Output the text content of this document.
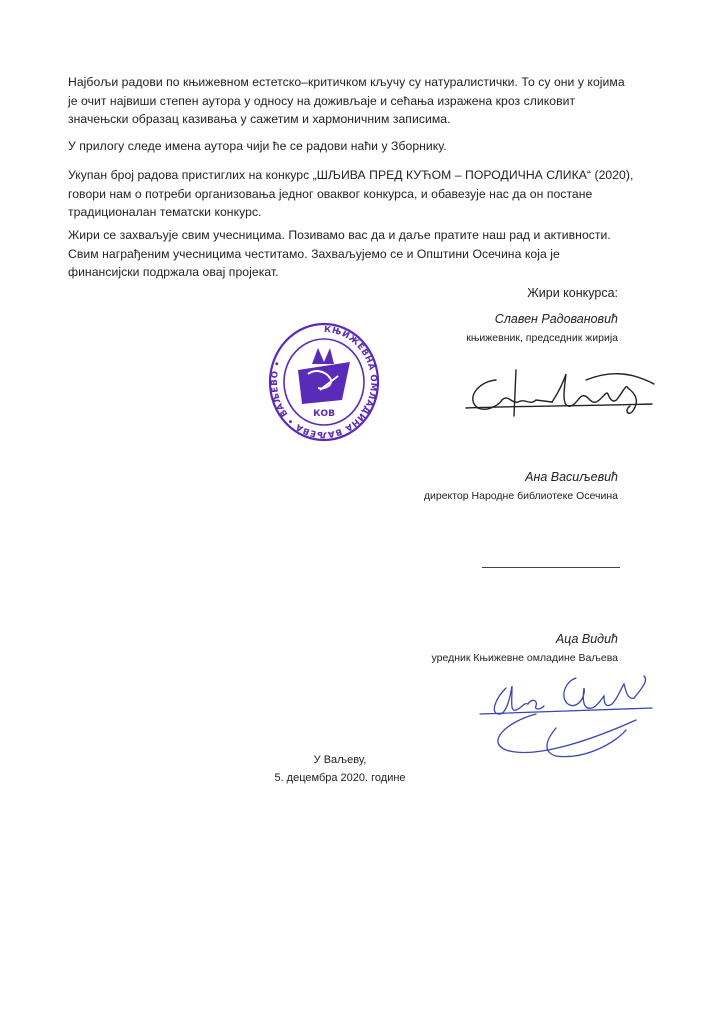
Најбољи радови по књижевном естетско–критичком кључу су натуралистички. То су они у којима је очит највиши степен аутора у односу на доживљаје и сећања изражена кроз сликовит значењски образац казивања у сажетим и хармоничним записима.

У прилогу следе имена аутора чији ће се радови наћи у Зборнику.

Укупан број радова пристиглих на конкурс „ШЉИВА ПРЕД КУЋОМ – ПОРОДИЧНА СЛИКА“ (2020), говори нам о потреби организовања једног оваквог конкурса, и обавезује нас да он постане традиционалан тематски конкурс.

Жири се захваљује свим учесницима. Позивамо вас да и даље пратите наш рад и активности. Свим награђеним учесницима честитамо. Захваљујемо се и Општини Осечина која је финансијски подржала овај пројекат.

Жири конкурса:
Славен Радовановић
књижевник, председник жирија
КЊИЖЕВНА ОМЛАДИНА ВАЉЕВА • ВАЉЕВО •
КОВ
Ана Васиљевић
директор Народне библиотеке Осечина
Аца Видић
уредник Књижевне омладине Ваљева
У Ваљеву,
5. децембра 2020. године
